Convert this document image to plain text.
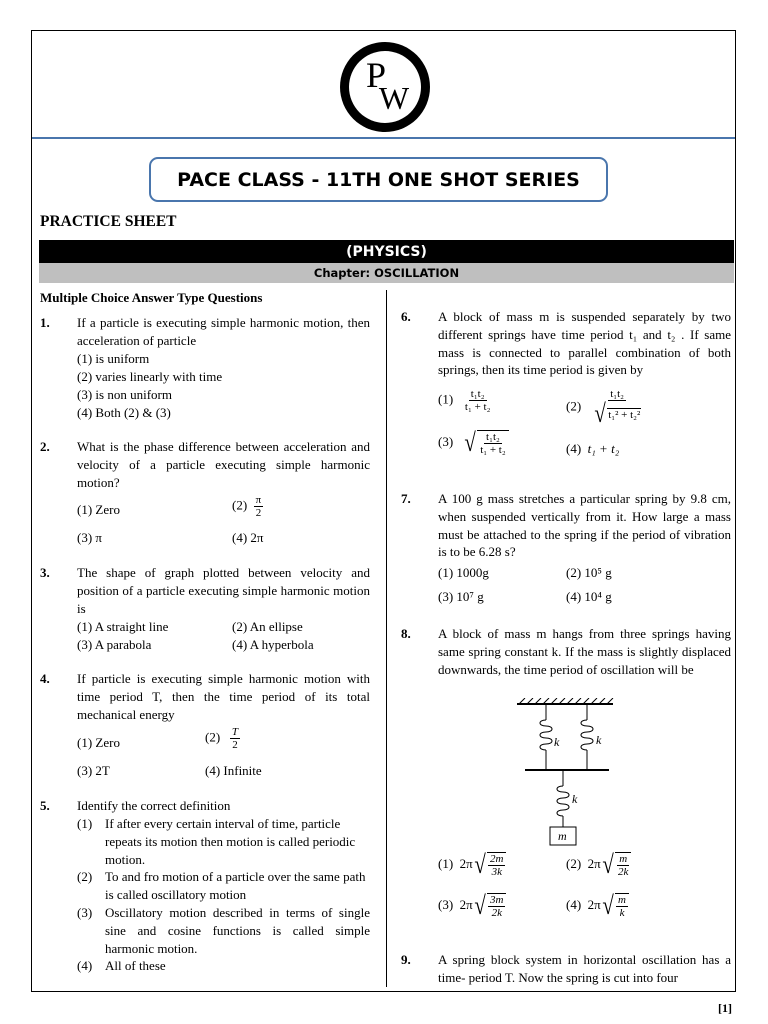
P
W
PACE CLASS - 11TH ONE SHOT SERIES
PRACTICE SHEET
(PHYSICS)
Chapter: OSCILLATION
Multiple Choice Answer Type Questions
1. If a particle is executing simple harmonic motion, then acceleration of particle
(1) is uniform
(2) varies linearly with time
(3) is non uniform
(4) Both (2) & (3)
2. What is the phase difference between acceleration and velocity of a particle executing simple harmonic motion?
(1) Zero	$(2) \frac{\pi}{2}$
(3) π	(4) 2π
3. The shape of graph plotted between velocity and position of a particle executing simple harmonic motion is
(1) A straight line	(2) An ellipse
(3) A parabola	(4) A hyperbola
4. If particle is executing simple harmonic motion with time period T, then the time period of its total mechanical energy
(1) Zero	$(2) \frac{T}{2}$
(3) 2T	(4) Infinite
5. Identify the correct definition
(1) If after every certain interval of time, particle repeats its motion then motion is called periodic motion.
(2) To and fro motion of a particle over the same path is called oscillatory motion
(3) Oscillatory motion described in terms of single sine and cosine functions is called simple harmonic motion.
(4) All of these
6. A block of mass m is suspended separately by two different springs have time period t₁ and t₂ . If same mass is connected to parallel combination of both springs, then its time period is given by
$(1) \frac{\text{t₁t₂}}{\text{t₁ + t₂}}$	$(2) \frac{\text{t₁t₂}}{\text{√ t₁² + t₂²}}$
(3) √ $\frac{\text{t₁t₂}}{\text{t₁ + t₂}}$	(4) t₁ + t₂
7. A 100 g mass stretches a particular spring by 9.8 cm, when suspended vertically from it. How large a mass must be attached to the spring if the period of vibration is to be 6.28 s?
(1) 1000g	(2) 10⁵ g
(3) 10⁷ g	(4) 10⁴ g
8. A block of mass m hangs from three springs having same spring constant k. If the mass is slightly displaced downwards, the time period of oscillation will be
k	k
k
m
(1) 2π √ $\frac{2m}{3k}$	(2) 2π √ $\frac{m}{2k}$
(3) 2π √ $\frac{3m}{2k}$	(4) 2π √ $\frac{m}{k}$
9. A spring block system in horizontal oscillation has a time- period T. Now the spring is cut into four
[1]
